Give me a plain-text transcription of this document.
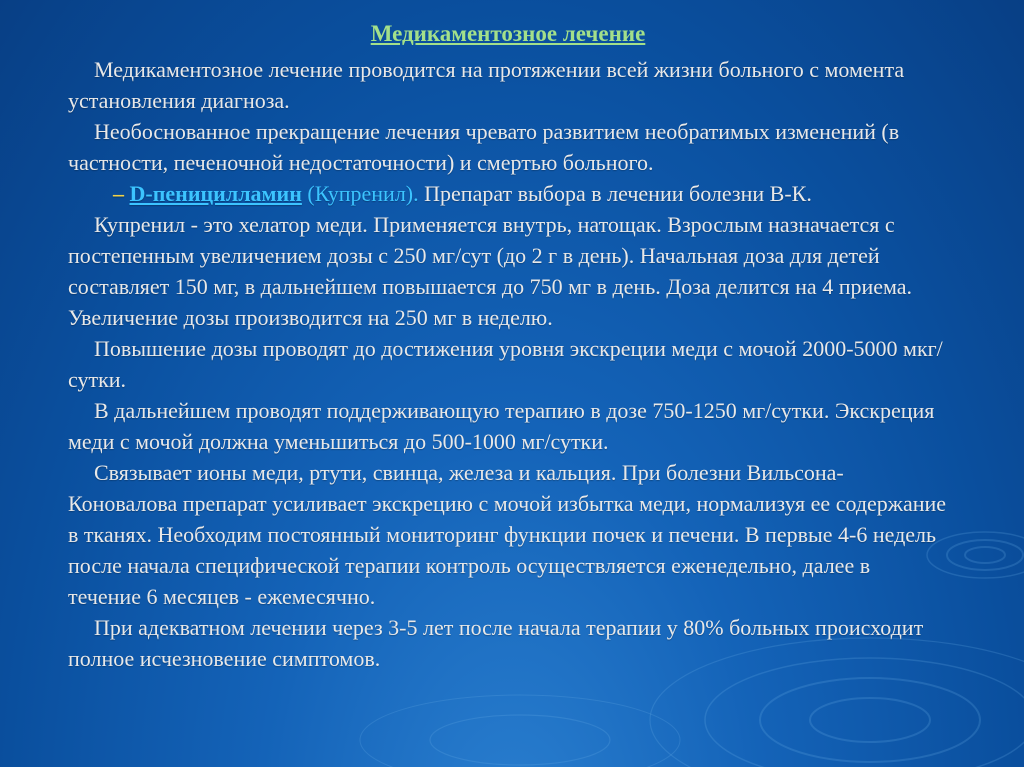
Медикаментозное лечение

Медикаментозное лечение проводится на протяжении всей жизни больного с момента установления диагноза.

Необоснованное прекращение лечения чревато развитием необратимых изменений (в частности, печеночной недостаточности) и смертью больного.

– D-пеницилламин (Купренил). Препарат выбора в лечении болезни В-К.

Купренил - это хелатор меди. Применяется внутрь, натощак. Взрослым назначается с постепенным увеличением дозы с 250 мг/сут (до 2 г в день). Начальная доза для детей составляет 150 мг, в дальнейшем повышается до 750 мг в день. Доза делится на 4 приема. Увеличение дозы производится на 250 мг в неделю.

Повышение дозы проводят до достижения уровня экскреции меди с мочой 2000-5000 мкг/сутки.

В дальнейшем проводят поддерживающую терапию в дозе 750-1250 мг/сутки. Экскреция меди с мочой должна уменьшиться до 500-1000 мг/сутки.

Связывает ионы меди, ртути, свинца, железа и кальция. При болезни Вильсона-Коновалова препарат усиливает экскрецию с мочой избытка меди, нормализуя ее содержание в тканях. Необходим постоянный мониторинг функции почек и печени. В первые 4-6 недель после начала специфической терапии контроль осуществляется еженедельно, далее в течение 6 месяцев - ежемесячно.

При адекватном лечении через 3-5 лет после начала терапии у 80% больных происходит полное исчезновение симптомов.
